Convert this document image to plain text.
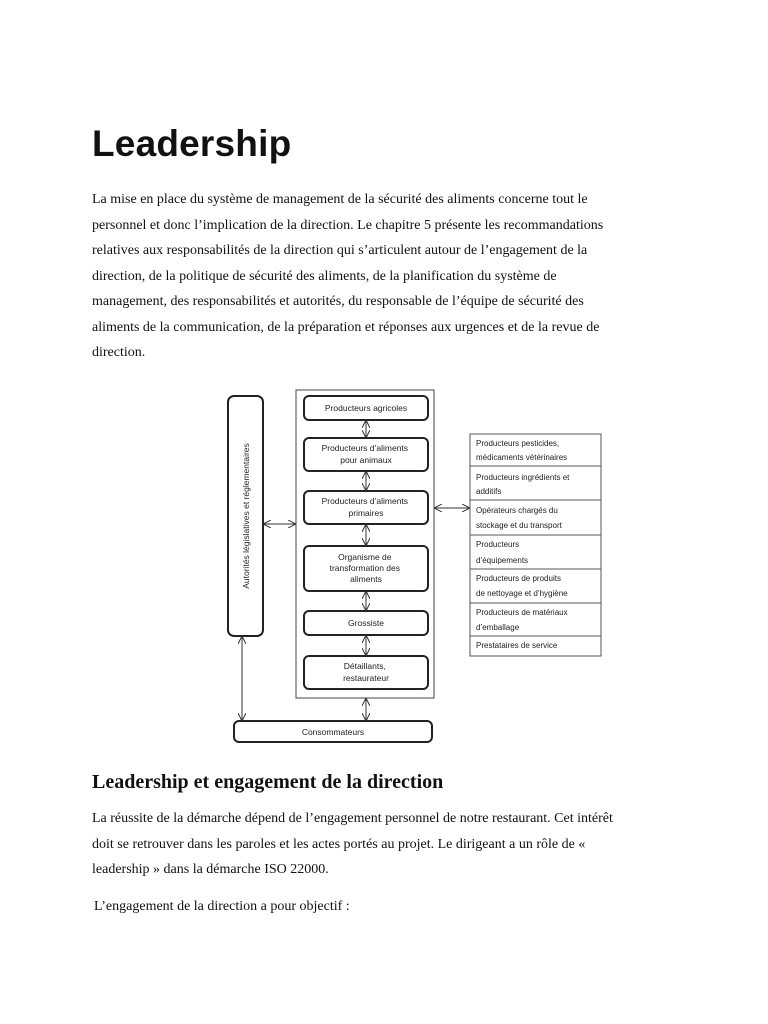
Leadership

La mise en place du système de management de la sécurité des aliments concerne tout le
personnel et donc l’implication de la direction. Le chapitre 5 présente les recommandations
relatives aux responsabilités de la direction qui s’articulent autour de l’engagement de la
direction, de la politique de sécurité des aliments, de la planification du système de
management, des responsabilités et autorités, du responsable de l’équipe de sécurité des
aliments de la communication, de la préparation et réponses aux urgences et de la revue de
direction.

Autorités législatives et réglementaires
Producteurs agricoles
Producteurs d’aliments pour animaux
Producteurs d’aliments primaires
Organisme de transformation des aliments
Grossiste
Détaillants, restaurateur
Consommateurs
Producteurs pesticides, médicaments vétérinaires
Producteurs ingrédients et additifs
Opérateurs chargés du stockage et du transport
Producteurs d’équipements
Producteurs de produits de nettoyage et d’hygiène
Producteurs de matériaux d’emballage
Prestataires de service
Leadership et engagement de la direction

La réussite de la démarche dépend de l’engagement personnel de notre restaurant. Cet intérêt
doit se retrouver dans les paroles et les actes portés au projet. Le dirigeant a un rôle de «
leadership » dans la démarche ISO 22000.

L’engagement de la direction a pour objectif :
